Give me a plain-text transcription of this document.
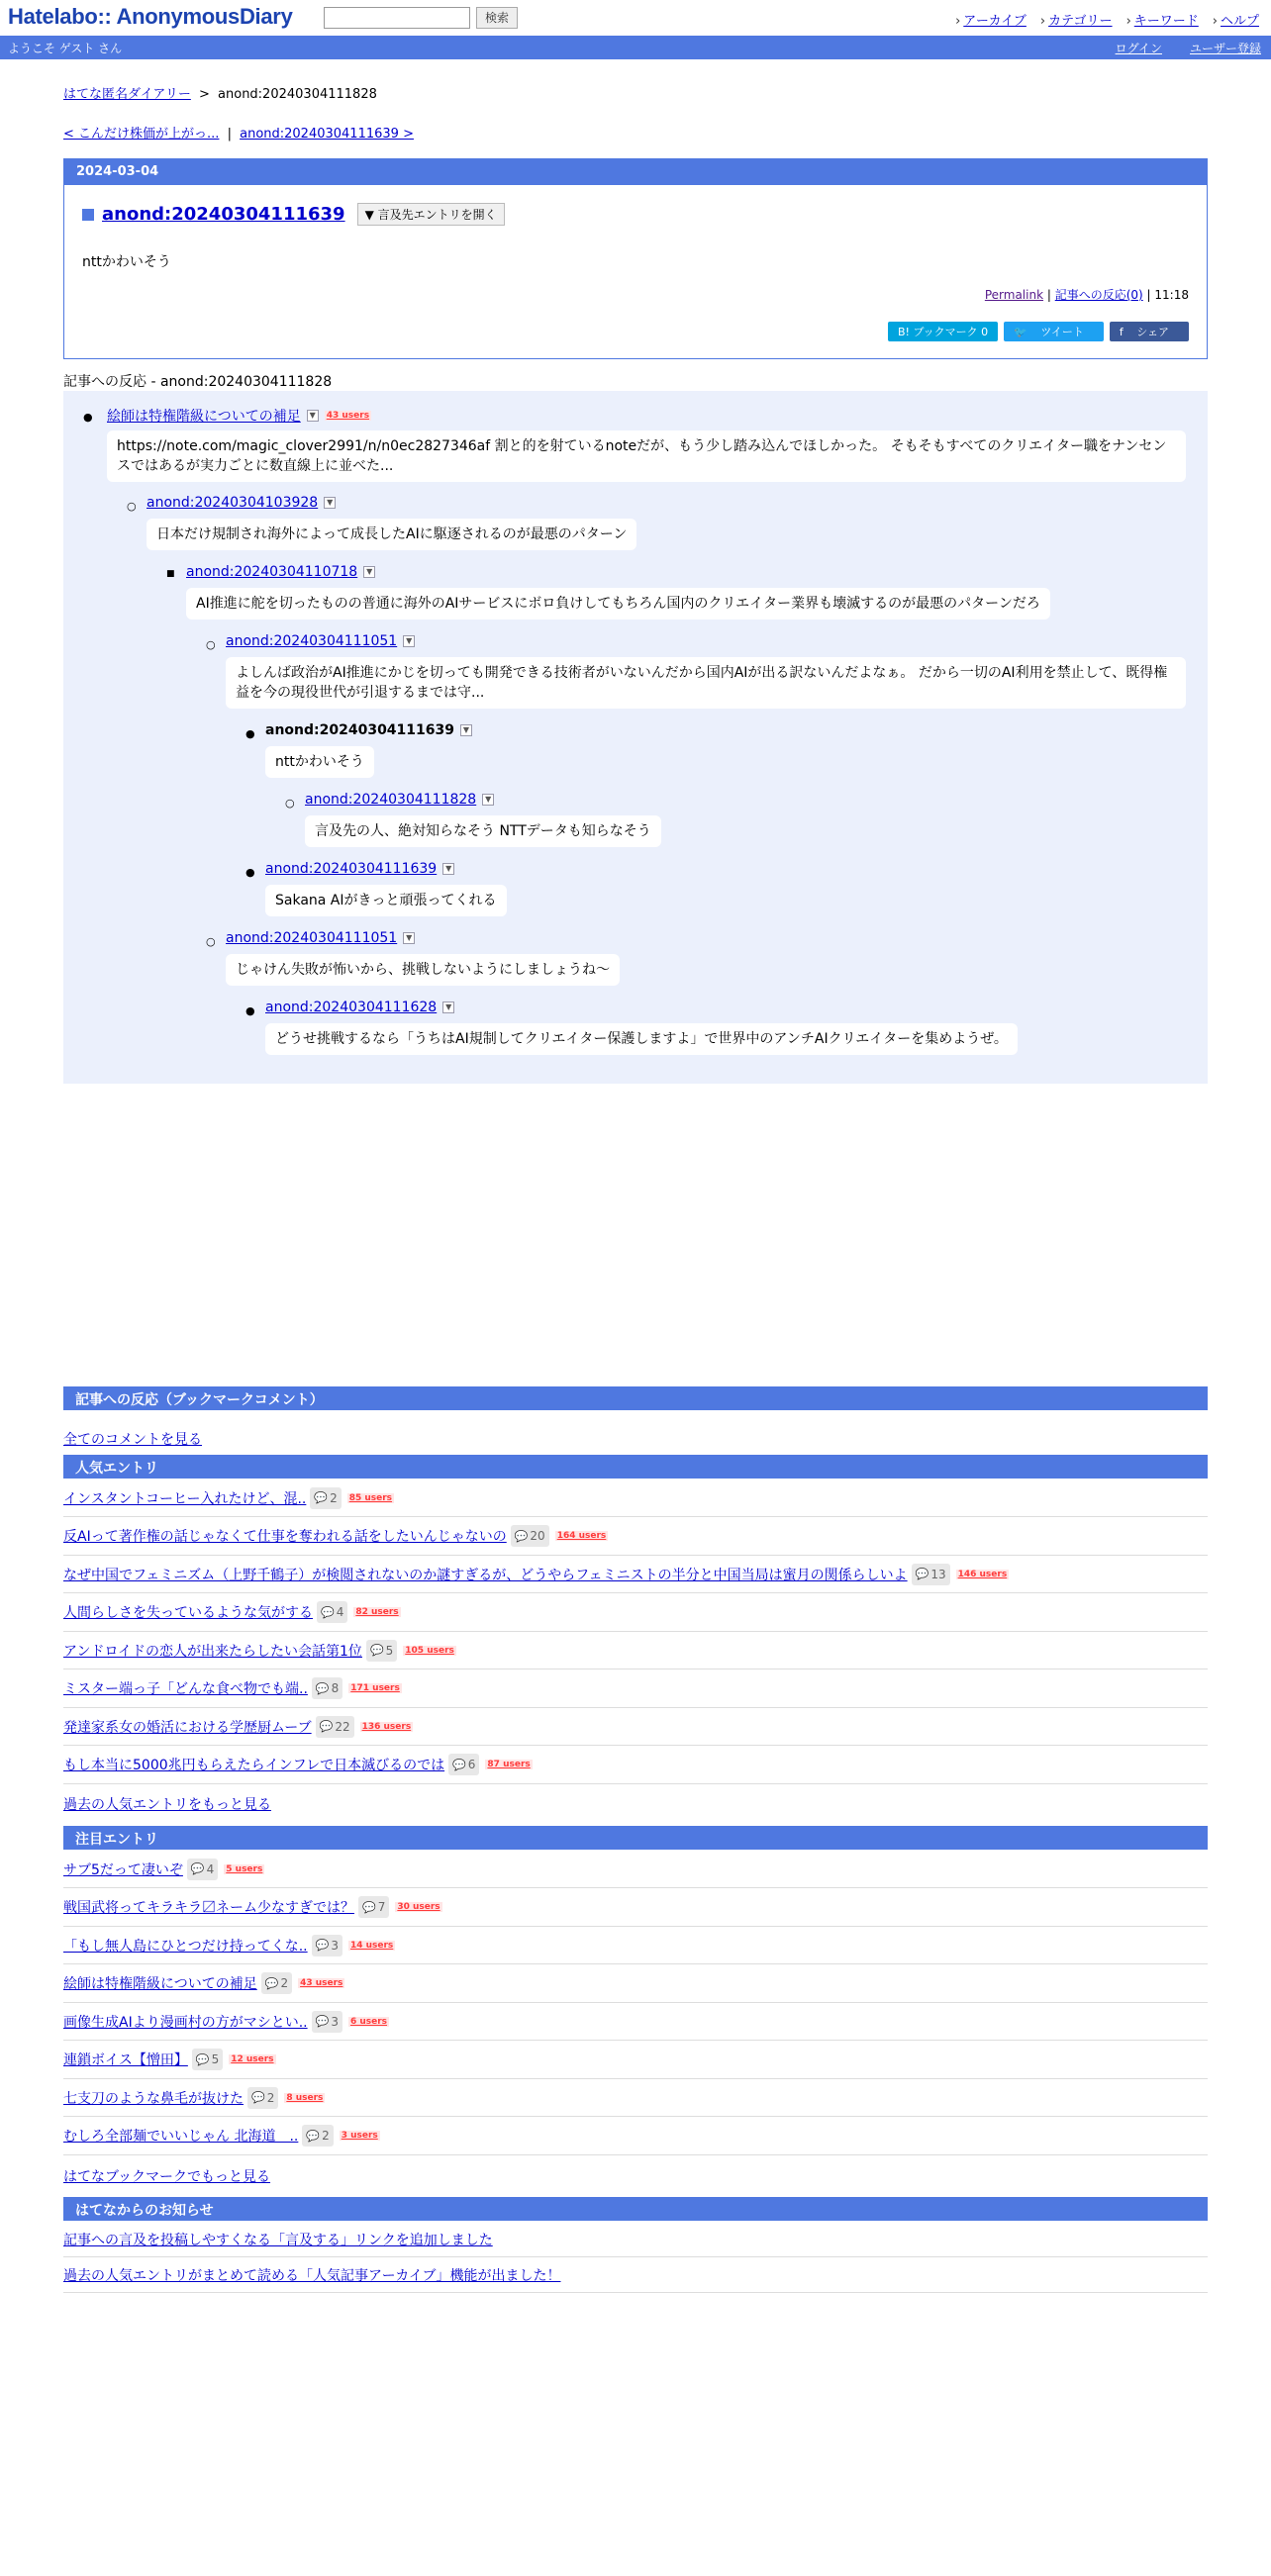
Hatelabo:: AnonymousDiary	検索	› アーカイブ	› カテゴリー	› キーワード	› ヘルプ
ようこそ ゲスト さん	ログイン ユーザー登録
はてな匿名ダイアリー > anond:20240304111828
< こんだけ株価が上がっ... | anond:20240304111639 >
2024-03-04
anond:20240304111639	▼ 言及先エントリを開く
nttかわいそう
Permalink | 記事への反応(0) | 11:18
B! ブックマーク 0	🐦 ツイート	f シェア
記事への反応 - anond:20240304111828
● 絵師は特権階級についての補足	▼	43 users
https://note.com/magic_clover2991/n/n0ec2827346af 割と的を射ているnoteだが、もう少し踏み込んでほしかった。 そもそもすべてのクリエイター職をナンセンスではあるが実力ごとに数直線上に並べた...
○ anond:20240304103928	▼
日本だけ規制され海外によって成長したAIに駆逐されるのが最悪のパターン
■ anond:20240304110718	▼
AI推進に舵を切ったものの普通に海外のAIサービスにボロ負けしてもちろん国内のクリエイター業界も壊滅するのが最悪のパターンだろ
○ anond:20240304111051	▼
よしんば政治がAI推進にかじを切っても開発できる技術者がいないんだから国内AIが出る訳ないんだよなぁ。 だから一切のAI利用を禁止して、既得権益を今の現役世代が引退するまでは守...
● anond:20240304111639	▼
nttかわいそう
○ anond:20240304111828	▼
言及先の人、絶対知らなそう NTTデータも知らなそう
● anond:20240304111639	▼
Sakana AIがきっと頑張ってくれる
○ anond:20240304111051	▼
じゃけん失敗が怖いから、挑戦しないようにしましょうね〜
● anond:20240304111628	▼
どうせ挑戦するなら「うちはAI規制してクリエイター保護しますよ」で世界中のアンチAIクリエイターを集めようぜ。
記事への反応（ブックマークコメント）
全てのコメントを見る
人気エントリ
インスタントコーヒー入れたけど、混.. 💬 2 85 users
反AIって著作権の話じゃなくて仕事を奪われる話をしたいんじゃないの 💬 20 164 users
なぜ中国でフェミニズム（上野千鶴子）が検閲されないのか謎すぎるが、どうやらフェミニストの半分と中国当局は蜜月の関係らしいよ 💬 13 146 users
人間らしさを失っているような気がする 💬 4 82 users
アンドロイドの恋人が出来たらしたい会話第1位 💬 5 105 users
ミスター端っ子「どんな食べ物でも端.. 💬 8 171 users
発達家系女の婚活における学歴厨ムーブ 💬 22 136 users
もし本当に5000兆円もらえたらインフレで日本滅びるのでは 💬 6 87 users
過去の人気エントリをもっと見る
注目エントリ
サブ5だって凄いぞ 💬 4 5 users
戦国武将ってキラキラ〼ネーム少なすぎでは？ 💬 7 30 users
「もし無人島にひとつだけ持ってくな.. 💬 3 14 users
絵師は特権階級についての補足 💬 2 43 users
画像生成AIより漫画村の方がマシとい.. 💬 3 6 users
連鎖ボイス【憎田】 💬 5 12 users
七支刀のような鼻毛が抜けた 💬 2 8 users
むしろ全部麺でいいじゃん 北海道　.. 💬 2 3 users
はてなブックマークでもっと見る
はてなからのお知らせ
記事への言及を投稿しやすくなる「言及する」リンクを追加しました
過去の人気エントリがまとめて読める「人気記事アーカイブ」機能が出ました！
